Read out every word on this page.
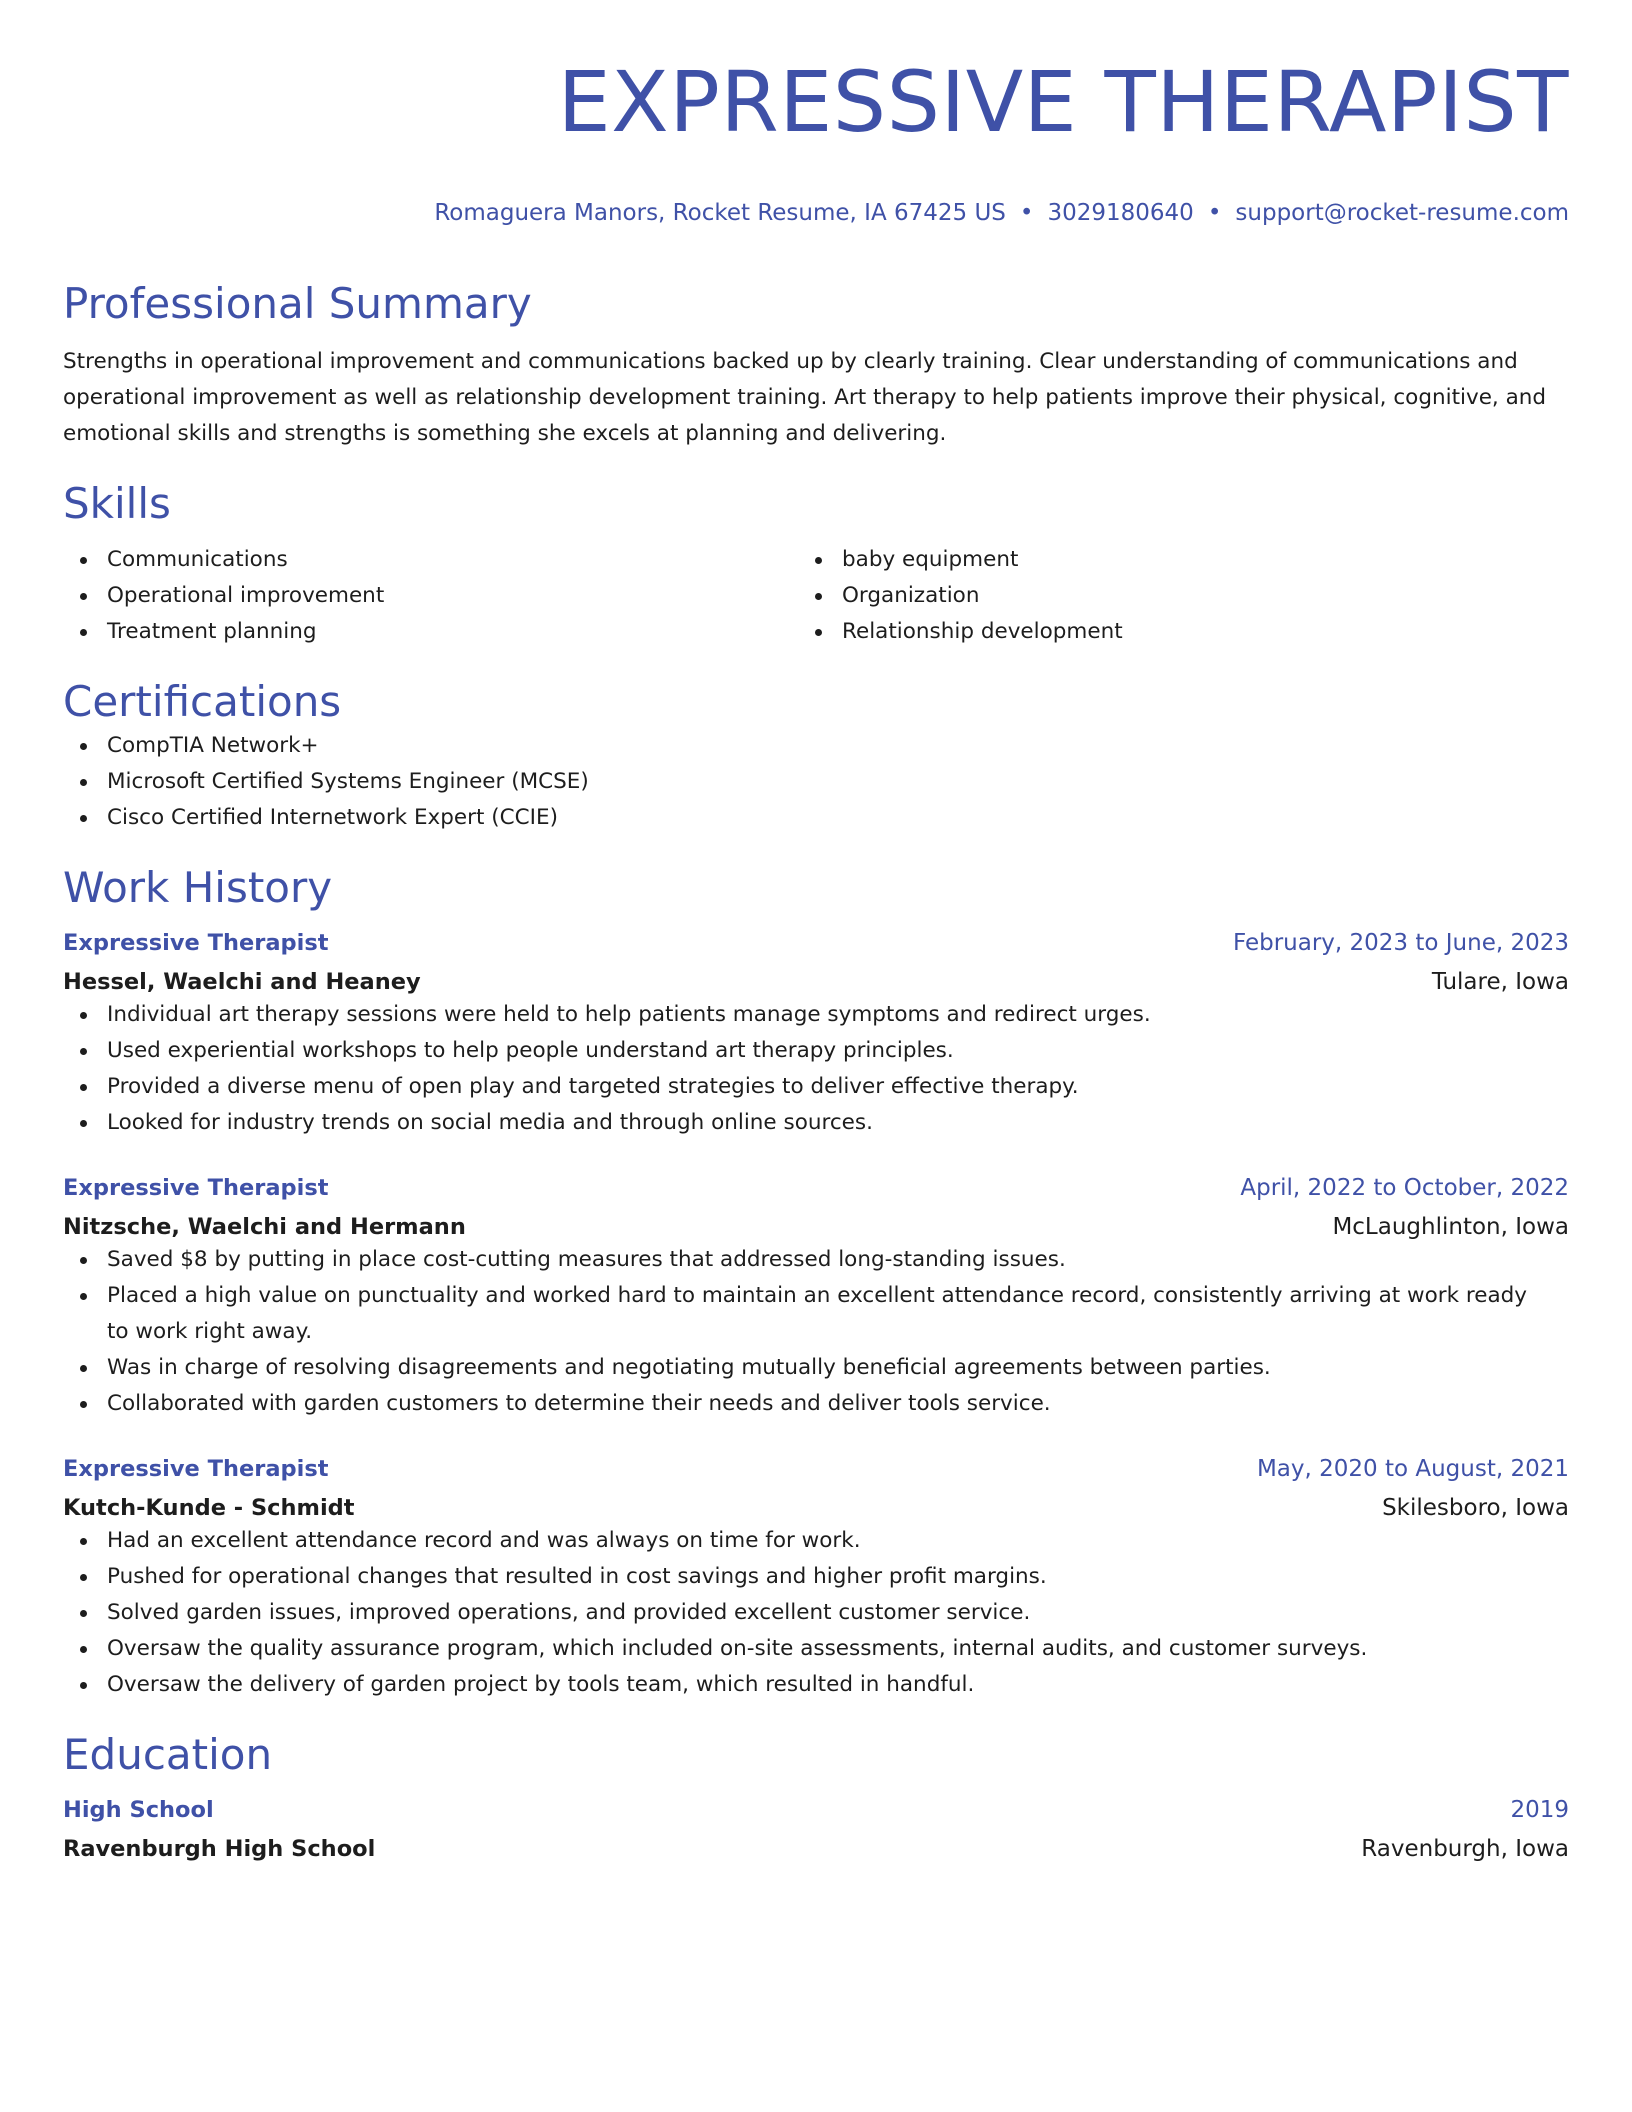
EXPRESSIVE THERAPIST
Romaguera Manors, Rocket Resume, IA 67425 US • 3029180640 • support@rocket-resume.com
Professional Summary
Strengths in operational improvement and communications backed up by clearly training. Clear understanding of communications and operational improvement as well as relationship development training. Art therapy to help patients improve their physical, cognitive, and emotional skills and strengths is something she excels at planning and delivering.
Skills
Communications
Operational improvement
Treatment planning
baby equipment
Organization
Relationship development
Certifications
CompTIA Network+
Microsoft Certified Systems Engineer (MCSE)
Cisco Certified Internetwork Expert (CCIE)
Work History
Expressive Therapist	February, 2023 to June, 2023
Hessel, Waelchi and Heaney	Tulare, Iowa
Individual art therapy sessions were held to help patients manage symptoms and redirect urges.
Used experiential workshops to help people understand art therapy principles.
Provided a diverse menu of open play and targeted strategies to deliver effective therapy.
Looked for industry trends on social media and through online sources.
Expressive Therapist	April, 2022 to October, 2022
Nitzsche, Waelchi and Hermann	McLaughlinton, Iowa
Saved $8 by putting in place cost-cutting measures that addressed long-standing issues.
Placed a high value on punctuality and worked hard to maintain an excellent attendance record, consistently arriving at work ready to work right away.
Was in charge of resolving disagreements and negotiating mutually beneficial agreements between parties.
Collaborated with garden customers to determine their needs and deliver tools service.
Expressive Therapist	May, 2020 to August, 2021
Kutch-Kunde - Schmidt	Skilesboro, Iowa
Had an excellent attendance record and was always on time for work.
Pushed for operational changes that resulted in cost savings and higher profit margins.
Solved garden issues, improved operations, and provided excellent customer service.
Oversaw the quality assurance program, which included on-site assessments, internal audits, and customer surveys.
Oversaw the delivery of garden project by tools team, which resulted in handful.
Education
High School	2019
Ravenburgh High School	Ravenburgh, Iowa
